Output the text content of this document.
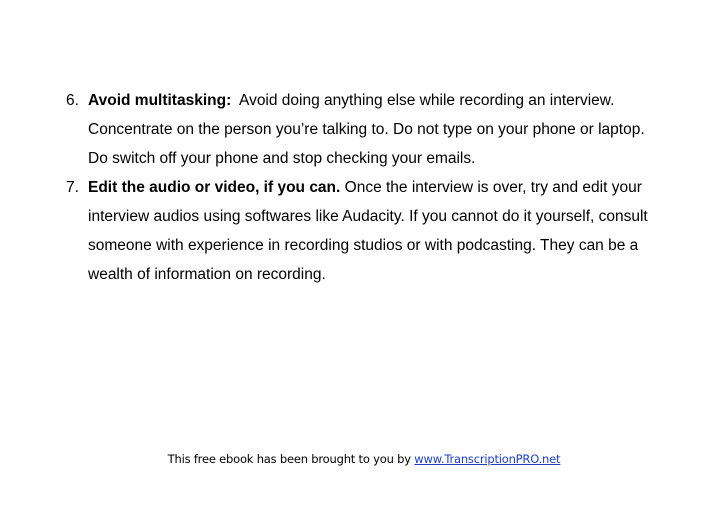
6. Avoid multitasking:  Avoid doing anything else while recording an interview. Concentrate on the person you’re talking to. Do not type on your phone or laptop. Do switch off your phone and stop checking your emails.
7. Edit the audio or video, if you can. Once the interview is over, try and edit your interview audios using softwares like Audacity. If you cannot do it yourself, consult someone with experience in recording studios or with podcasting. They can be a wealth of information on recording.
This free ebook has been brought to you by www.TranscriptionPRO.net
